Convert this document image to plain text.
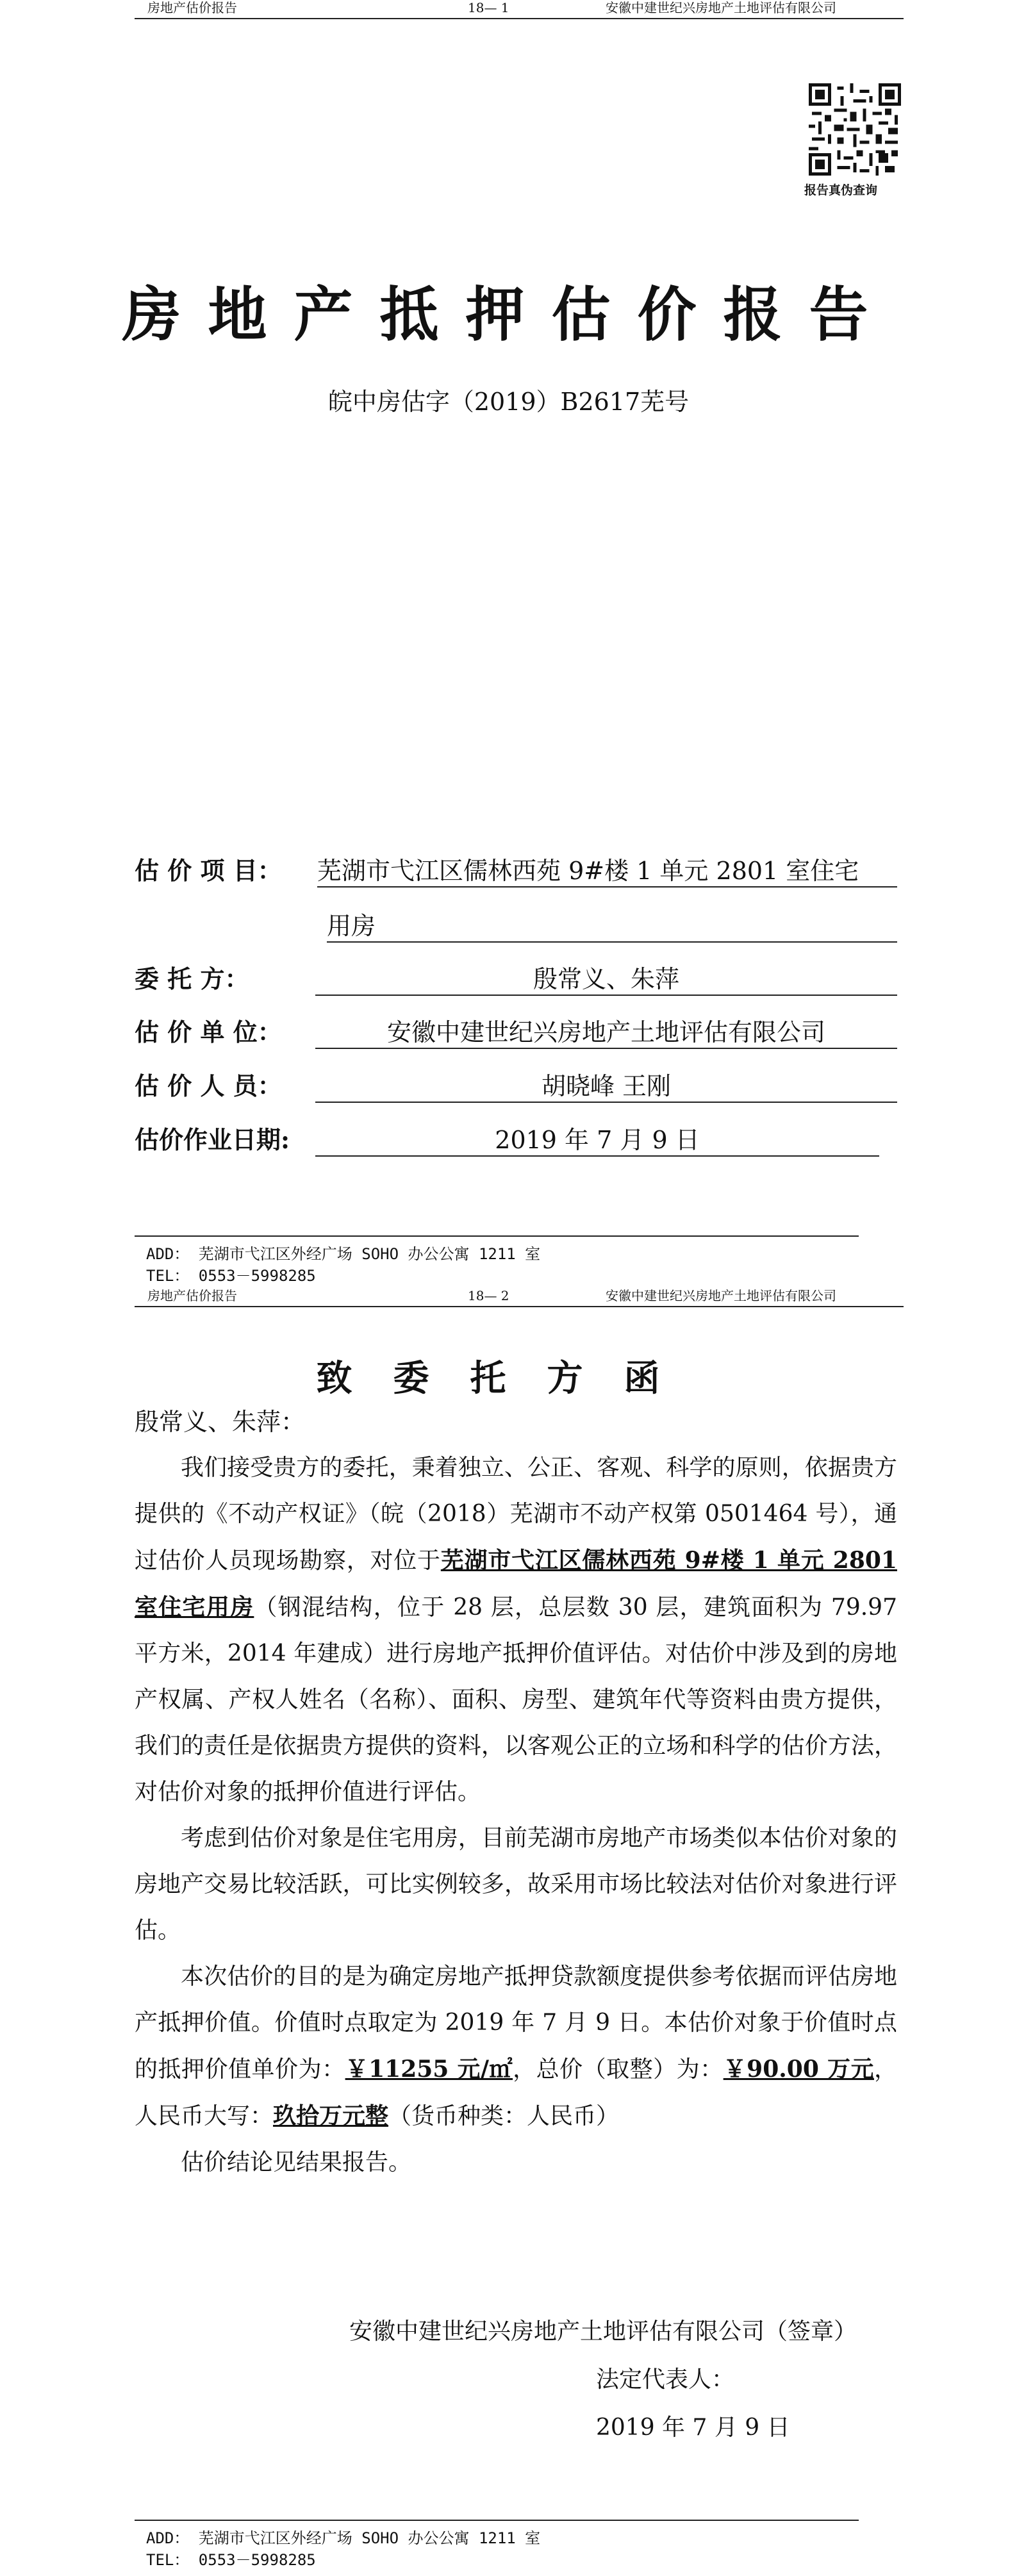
房地产估价报告	18— 1	安徽中建世纪兴房地产土地评估有限公司
报告真伪查询
房地产抵押估价报告
皖中房估字（2019）B2617芜号
估 价 项 目： 芜湖市弋江区儒林西苑 9#楼 1 单元 2801 室住宅
用房
委 托 方：	殷常义、朱萍
估 价 单 位：	安徽中建世纪兴房地产土地评估有限公司
估 价 人 员：	胡晓峰 王刚
估价作业日期:	2019 年 7 月 9 日
ADD： 芜湖市弋江区外经广场 SOHO 办公公寓 1211 室
TEL： 0553－5998285
房地产估价报告	18— 2	安徽中建世纪兴房地产土地评估有限公司
致委托方函
殷常义、朱萍：

我们接受贵方的委托，秉着独立、公正、客观、科学的原则，依据贵方提供的《不动产权证》（皖（2018）芜湖市不动产权第 0501464 号），通过估价人员现场勘察，对位于芜湖市弋江区儒林西苑 9#楼 1 单元 2801 室住宅用房（钢混结构，位于 28 层，总层数 30 层，建筑面积为 79.97 平方米，2014 年建成）进行房地产抵押价值评估。对估价中涉及到的房地产权属、产权人姓名（名称）、面积、房型、建筑年代等资料由贵方提供，我们的责任是依据贵方提供的资料，以客观公正的立场和科学的估价方法，对估价对象的抵押价值进行评估。

考虑到估价对象是住宅用房，目前芜湖市房地产市场类似本估价对象的房地产交易比较活跃，可比实例较多，故采用市场比较法对估价对象进行评估。

本次估价的目的是为确定房地产抵押贷款额度提供参考依据而评估房地产抵押价值。价值时点取定为 2019 年 7 月 9 日。本估价对象于价值时点的抵押价值单价为：￥11255 元/㎡，总价（取整）为：￥90.00 万元，人民币大写：玖拾万元整（货币种类：人民币）

估价结论见结果报告。

安徽中建世纪兴房地产土地评估有限公司（签章）
法定代表人：
2019 年 7 月 9 日
ADD： 芜湖市弋江区外经广场 SOHO 办公公寓 1211 室
TEL： 0553－5998285
